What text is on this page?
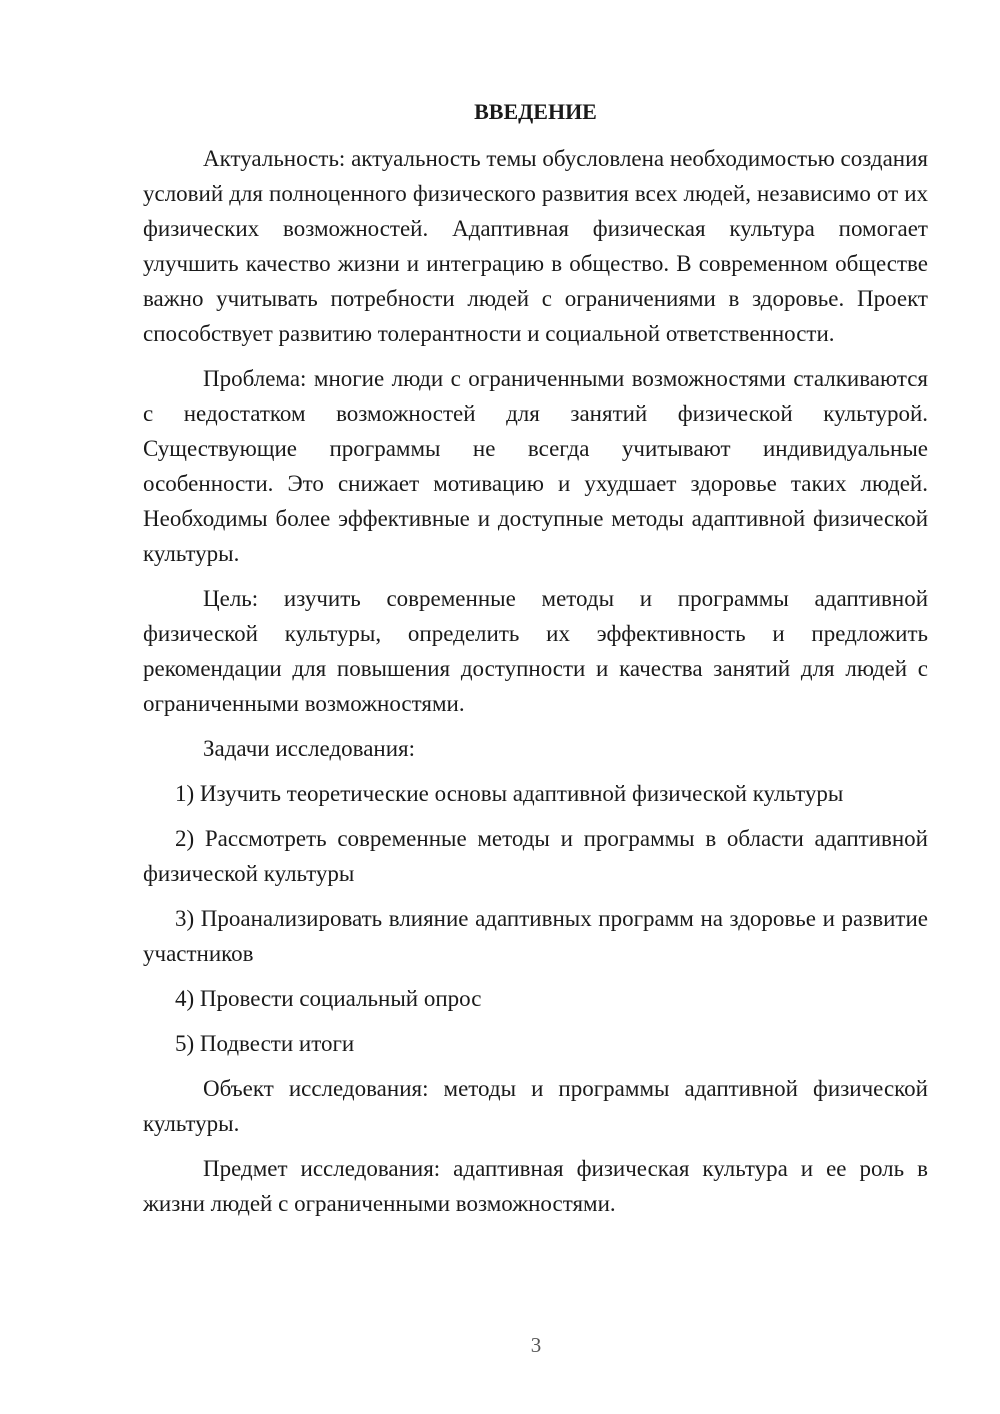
ВВЕДЕНИЕ

Актуальность: актуальность темы обусловлена необходимостью создания условий для полноценного физического развития всех людей, независимо от их физических возможностей. Адаптивная физическая культура помогает улучшить качество жизни и интеграцию в общество. В современном обществе важно учитывать потребности людей с ограничениями в здоровье. Проект способствует развитию толерантности и социальной ответственности.

Проблема: многие люди с ограниченными возможностями сталкиваются с недостатком возможностей для занятий физической культурой. Существующие программы не всегда учитывают индивидуальные особенности. Это снижает мотивацию и ухудшает здоровье таких людей. Необходимы более эффективные и доступные методы адаптивной физической культуры.

Цель: изучить современные методы и программы адаптивной физической культуры, определить их эффективность и предложить рекомендации для повышения доступности и качества занятий для людей с ограниченными возможностями.

Задачи исследования:

1) Изучить теоретические основы адаптивной физической культуры

2) Рассмотреть современные методы и программы в области адаптивной физической культуры

3) Проанализировать влияние адаптивных программ на здоровье и развитие участников

4) Провести социальный опрос

5) Подвести итоги

Объект исследования: методы и программы адаптивной физической культуры.

Предмет исследования: адаптивная физическая культура и ее роль в жизни людей с ограниченными возможностями.

3
